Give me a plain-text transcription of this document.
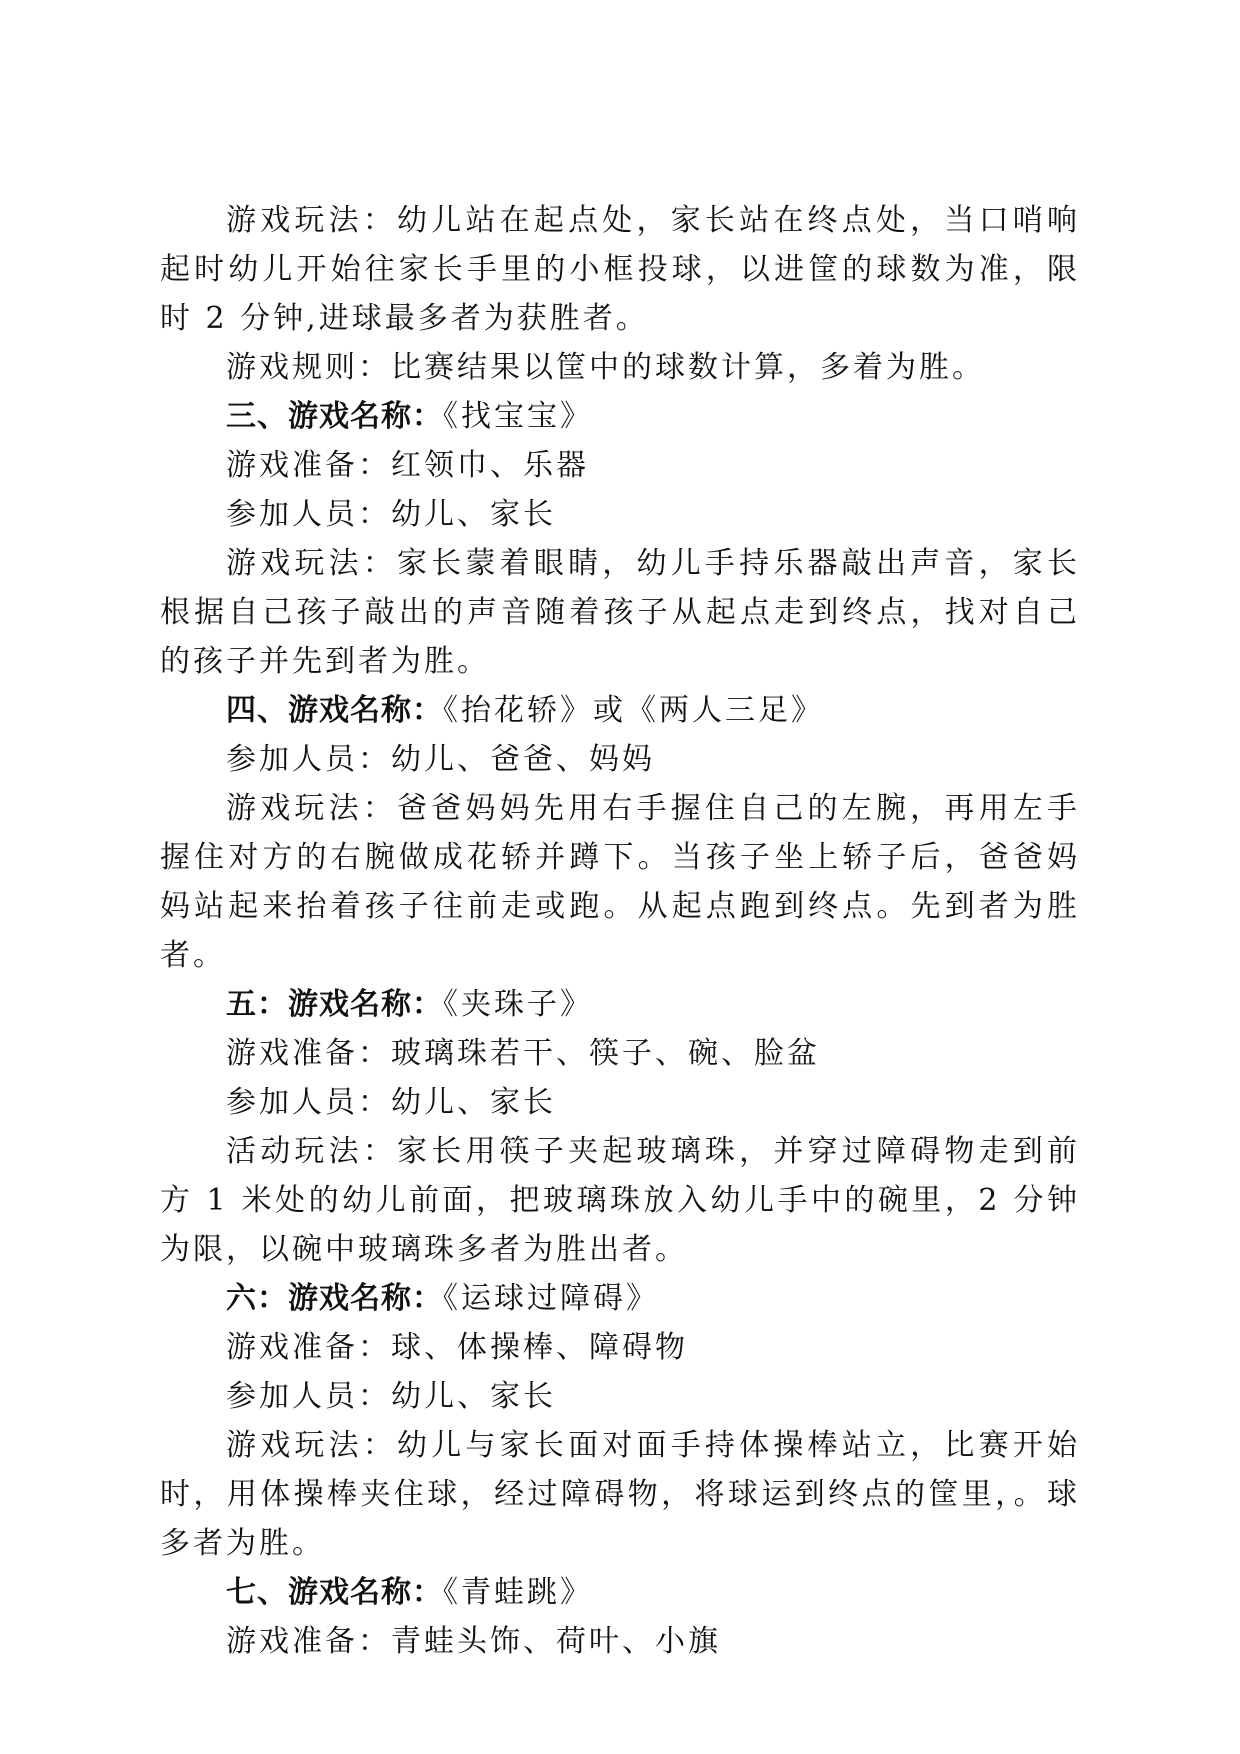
游戏玩法：幼儿站在起点处，家长站在终点处，当口哨响起时幼儿开始往家长手里的小框投球，以进筐的球数为准，限时 2 分钟,进球最多者为获胜者。

游戏规则：比赛结果以筐中的球数计算，多着为胜。

三、游戏名称：《找宝宝》

游戏准备：红领巾、乐器

参加人员：幼儿、家长

游戏玩法：家长蒙着眼睛，幼儿手持乐器敲出声音，家长根据自己孩子敲出的声音随着孩子从起点走到终点，找对自己的孩子并先到者为胜。

四、游戏名称：《抬花轿》或《两人三足》

参加人员：幼儿、爸爸、妈妈

游戏玩法：爸爸妈妈先用右手握住自己的左腕，再用左手握住对方的右腕做成花轿并蹲下。当孩子坐上轿子后，爸爸妈妈站起来抬着孩子往前走或跑。从起点跑到终点。先到者为胜者。

五：游戏名称：《夹珠子》

游戏准备：玻璃珠若干、筷子、碗、脸盆

参加人员：幼儿、家长

活动玩法：家长用筷子夹起玻璃珠，并穿过障碍物走到前方 1 米处的幼儿前面，把玻璃珠放入幼儿手中的碗里，2 分钟为限，以碗中玻璃珠多者为胜出者。

六：游戏名称：《运球过障碍》

游戏准备：球、体操棒、障碍物

参加人员：幼儿、家长

游戏玩法：幼儿与家长面对面手持体操棒站立，比赛开始时，用体操棒夹住球，经过障碍物，将球运到终点的筐里，。球多者为胜。

七、游戏名称：《青蛙跳》

游戏准备：青蛙头饰、荷叶、小旗
